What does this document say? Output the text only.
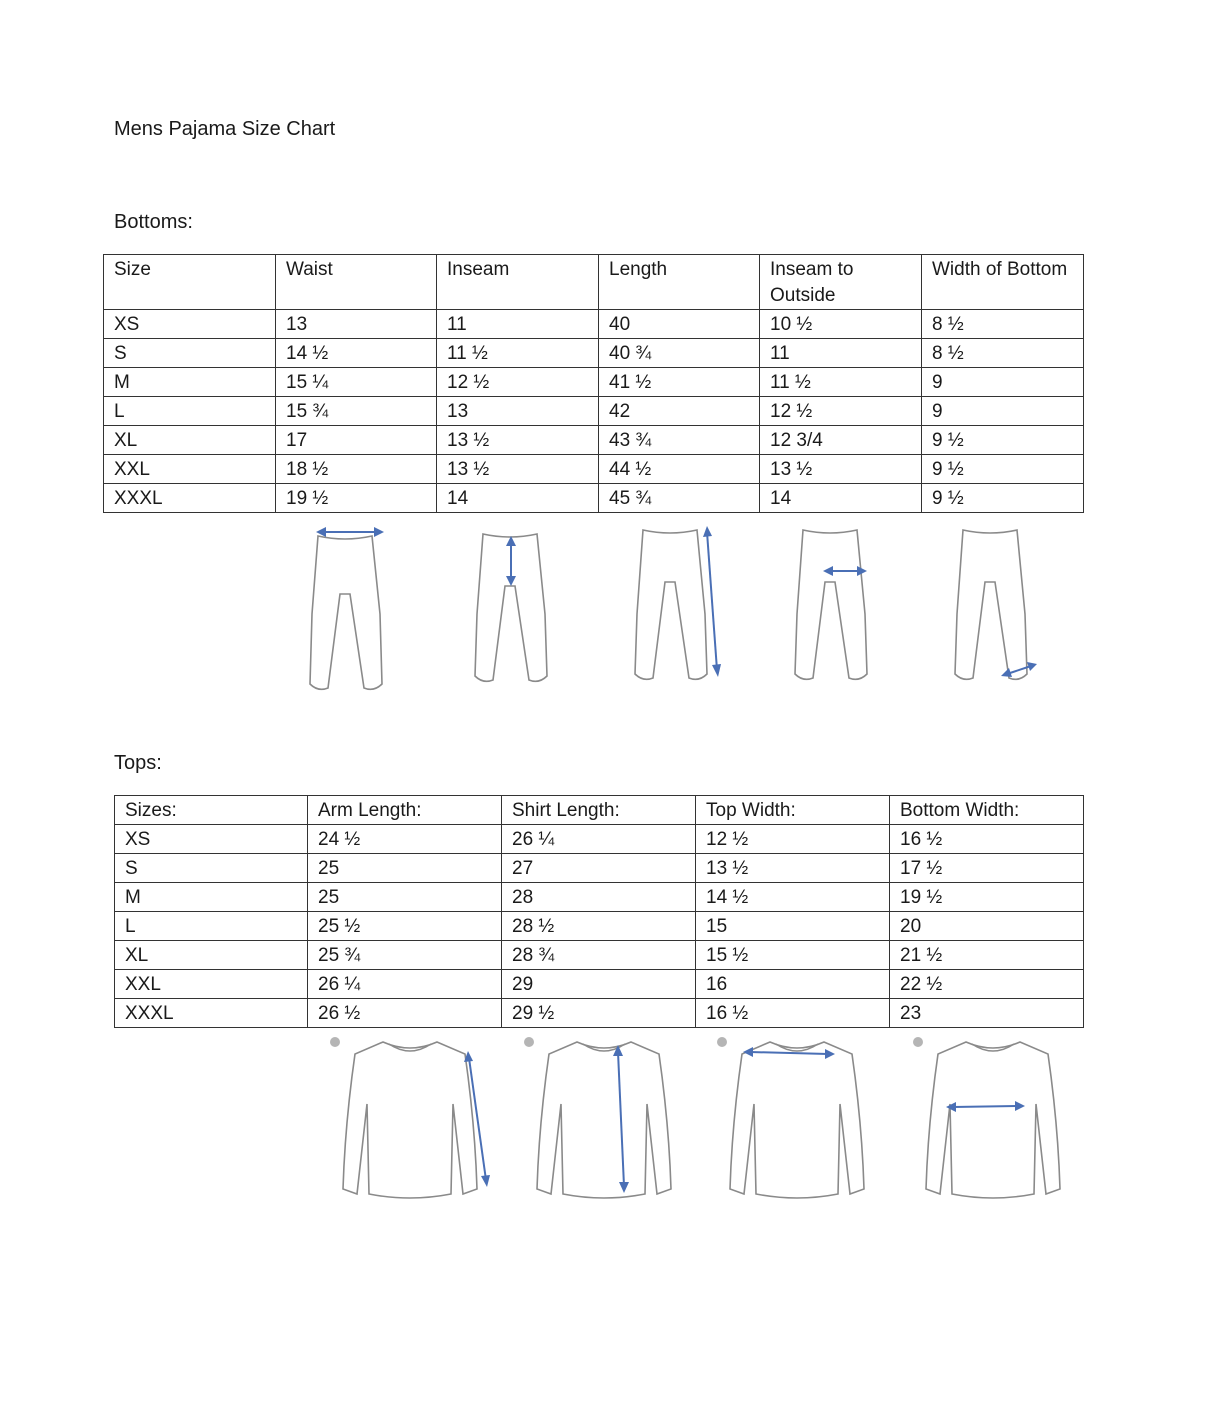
Mens Pajama Size Chart
Bottoms:
Size	Waist	Inseam	Length	Inseam to Outside	Width of Bottom
XS	13	11	40	10 ½	8 ½
S	14 ½	11 ½	40 ¾	11	8 ½
M	15 ¼	12 ½	41 ½	11 ½	9
L	15 ¾	13	42	12 ½	9
XL	17	13 ½	43 ¾	12 3/4	9 ½
XXL	18 ½	13 ½	44 ½	13 ½	9 ½
XXXL	19 ½	14	45 ¾	14	9 ½
Tops:
Sizes:	Arm Length:	Shirt Length:	Top Width:	Bottom Width:
XS	24 ½	26 ¼	12 ½	16 ½
S	25	27	13 ½	17 ½
M	25	28	14 ½	19 ½
L	25 ½	28 ½	15	20
XL	25 ¾	28 ¾	15 ½	21 ½
XXL	26 ¼	29	16	22 ½
XXXL	26 ½	29 ½	16 ½	23
